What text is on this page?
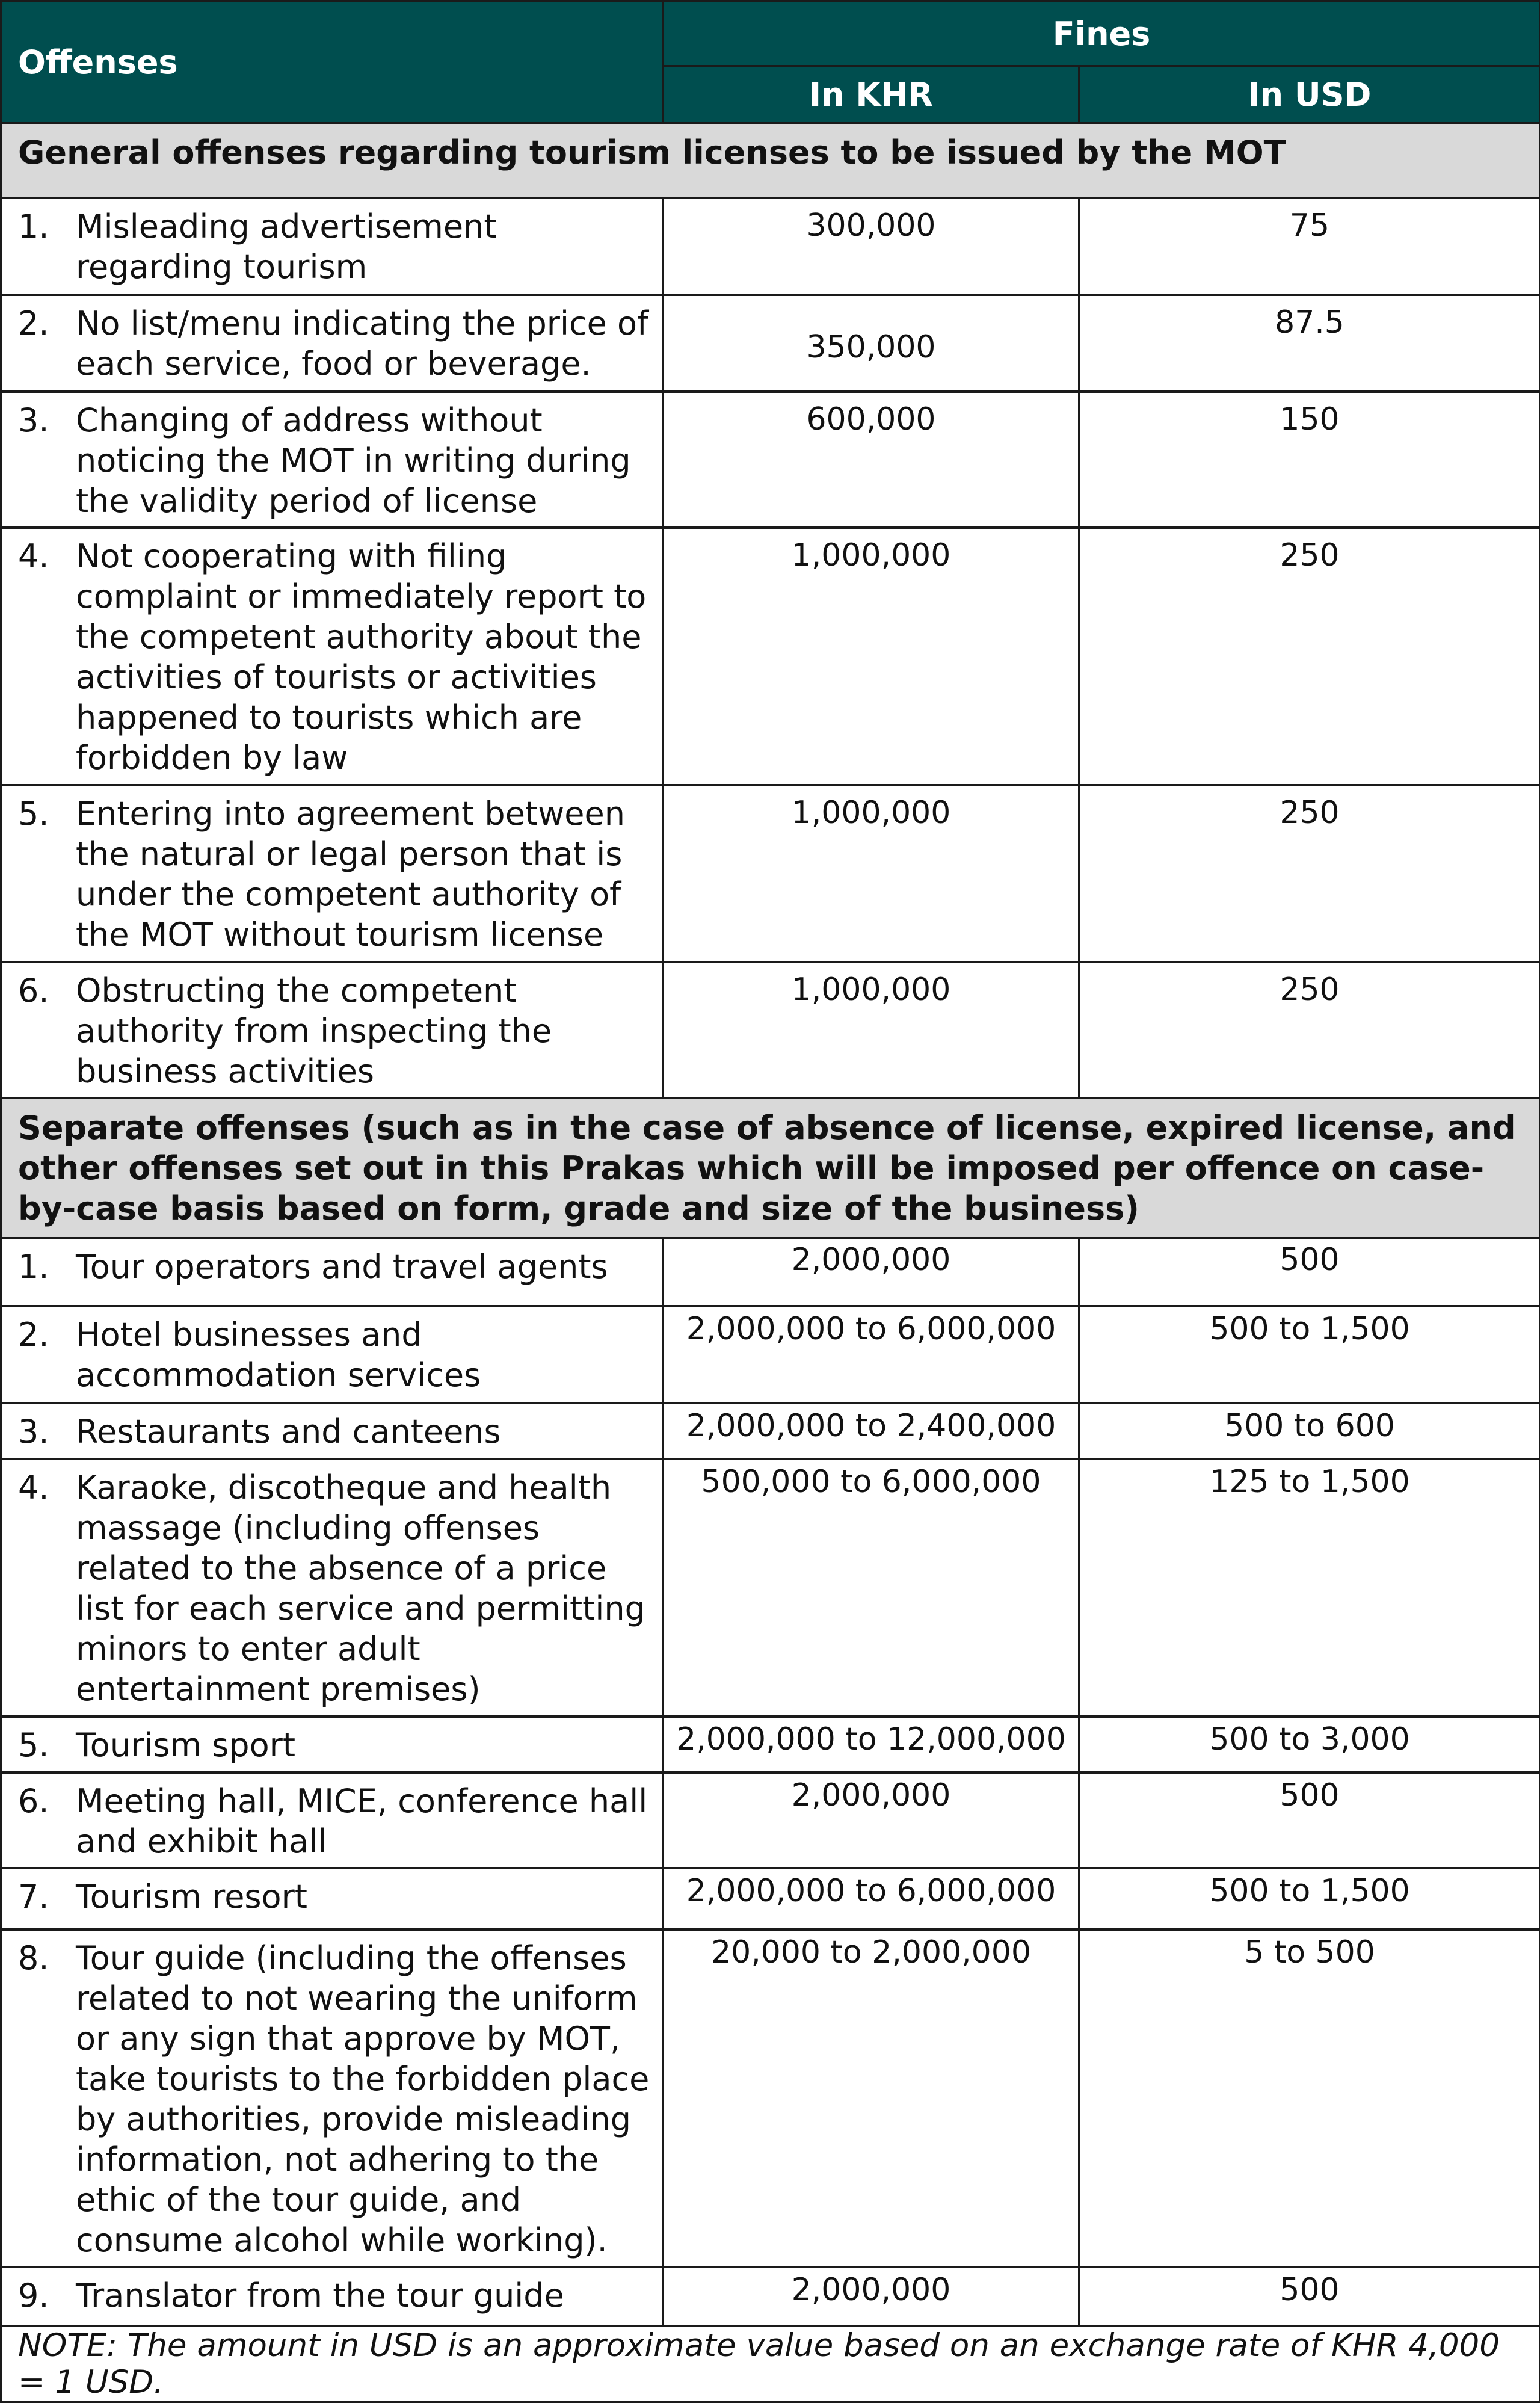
Offenses	Fines	
	In KHR	In USD
General offenses regarding tourism licenses to be issued by the MOT		

1. Misleading advertisement regarding tourism	300,000	75

2. No list/menu indicating the price of each service, food or beverage.	350,000	87.5

3. Changing of address without noticing the MOT in writing during the validity period of license	600,000	150

4. Not cooperating with filing complaint or immediately report to the competent authority about the activities of tourists or activities happened to tourists which are forbidden by law	1,000,000	250

5. Entering into agreement between the natural or legal person that is under the competent authority of the MOT without tourism license	1,000,000	250

6. Obstructing the competent authority from inspecting the business activities	1,000,000	250
Separate offenses (such as in the case of absence of license, expired license, and other offenses set out in this Prakas which will be imposed per offence on case-by-case basis based on form, grade and size of the business)		

1. Tour operators and travel agents	2,000,000	500

2. Hotel businesses and accommodation services	2,000,000 to 6,000,000	500 to 1,500

3. Restaurants and canteens	2,000,000 to 2,400,000	500 to 600

4. Karaoke, discotheque and health massage (including offenses related to the absence of a price list for each service and permitting minors to enter adult entertainment premises)	500,000 to 6,000,000	125 to 1,500

5. Tourism sport	2,000,000 to 12,000,000	500 to 3,000

6. Meeting hall, MICE, conference hall and exhibit hall	2,000,000	500

7. Tourism resort	2,000,000 to 6,000,000	500 to 1,500

8. Tour guide (including the offenses related to not wearing the uniform or any sign that approve by MOT, take tourists to the forbidden place by authorities, provide misleading information, not adhering to the ethic of the tour guide, and consume alcohol while working).	20,000 to 2,000,000	5 to 500

9. Translator from the tour guide	2,000,000	500
NOTE: The amount in USD is an approximate value based on an exchange rate of KHR 4,000 = 1 USD.		
